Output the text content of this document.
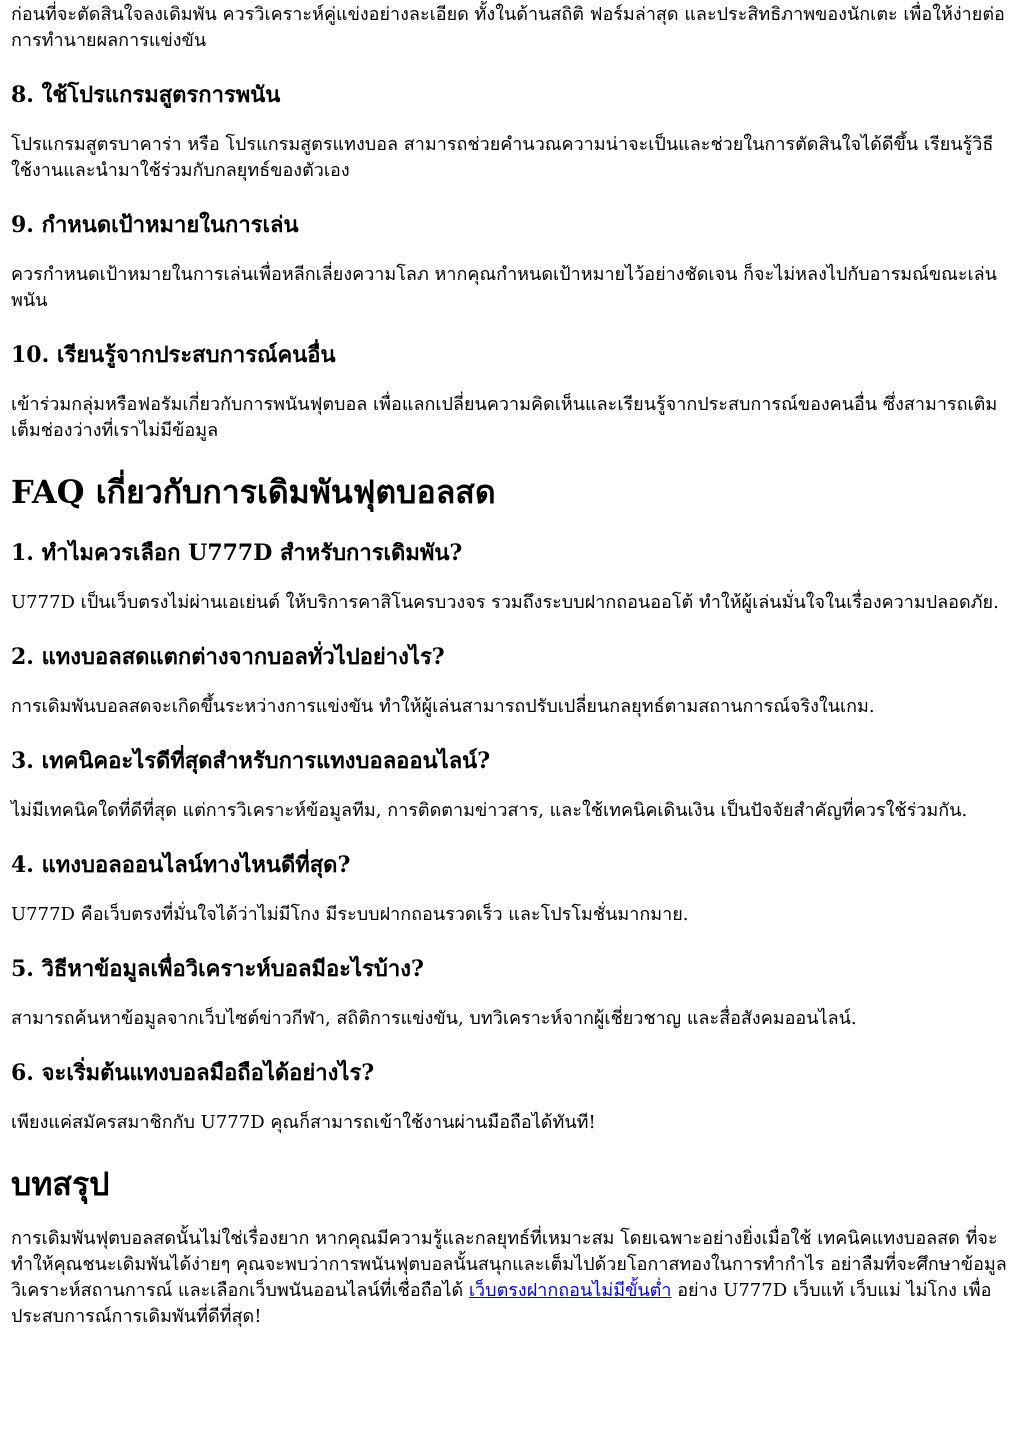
ก่อนที่จะตัดสินใจลงเดิมพัน ควรวิเคราะห์คู่แข่งอย่างละเอียด ทั้งในด้านสถิติ ฟอร์มล่าสุด และประสิทธิภาพของนักเตะ เพื่อให้ง่ายต่อการทำนายผลการแข่งขัน

8. ใช้โปรแกรมสูตรการพนัน

โปรแกรมสูตรบาคาร่า หรือ โปรแกรมสูตรแทงบอล สามารถช่วยคำนวณความน่าจะเป็นและช่วยในการตัดสินใจได้ดีขึ้น เรียนรู้วิธีใช้งานและนำมาใช้ร่วมกับกลยุทธ์ของตัวเอง

9. กำหนดเป้าหมายในการเล่น

ควรกำหนดเป้าหมายในการเล่นเพื่อหลีกเลี่ยงความโลภ หากคุณกำหนดเป้าหมายไว้อย่างชัดเจน ก็จะไม่หลงไปกับอารมณ์ขณะเล่นพนัน

10. เรียนรู้จากประสบการณ์คนอื่น

เข้าร่วมกลุ่มหรือฟอรัมเกี่ยวกับการพนันฟุตบอล เพื่อแลกเปลี่ยนความคิดเห็นและเรียนรู้จากประสบการณ์ของคนอื่น ซึ่งสามารถเติมเต็มช่องว่างที่เราไม่มีข้อมูล

FAQ เกี่ยวกับการเดิมพันฟุตบอลสด
1. ทำไมควรเลือก U777D สำหรับการเดิมพัน?

U777D เป็นเว็บตรงไม่ผ่านเอเย่นต์ ให้บริการคาสิโนครบวงจร รวมถึงระบบฝากถอนออโต้ ทำให้ผู้เล่นมั่นใจในเรื่องความปลอดภัย.

2. แทงบอลสดแตกต่างจากบอลทั่วไปอย่างไร?

การเดิมพันบอลสดจะเกิดขึ้นระหว่างการแข่งขัน ทำให้ผู้เล่นสามารถปรับเปลี่ยนกลยุทธ์ตามสถานการณ์จริงในเกม.

3. เทคนิคอะไรดีที่สุดสำหรับการแทงบอลออนไลน์?

ไม่มีเทคนิคใดที่ดีที่สุด แต่การวิเคราะห์ข้อมูลทีม, การติดตามข่าวสาร, และใช้เทคนิคเดินเงิน เป็นปัจจัยสำคัญที่ควรใช้ร่วมกัน.

4. แทงบอลออนไลน์ทางไหนดีที่สุด?

U777D คือเว็บตรงที่มั่นใจได้ว่าไม่มีโกง มีระบบฝากถอนรวดเร็ว และโปรโมชั่นมากมาย.

5. วิธีหาข้อมูลเพื่อวิเคราะห์บอลมีอะไรบ้าง?

สามารถค้นหาข้อมูลจากเว็บไซต์ข่าวกีฬา, สถิติการแข่งขัน, บทวิเคราะห์จากผู้เชี่ยวชาญ และสื่อสังคมออนไลน์.

6. จะเริ่มต้นแทงบอลมือถือได้อย่างไร?

เพียงแค่สมัครสมาชิกกับ U777D คุณก็สามารถเข้าใช้งานผ่านมือถือได้ทันที!

บทสรุป

การเดิมพันฟุตบอลสดนั้นไม่ใช่เรื่องยาก หากคุณมีความรู้และกลยุทธ์ที่เหมาะสม โดยเฉพาะอย่างยิ่งเมื่อใช้ เทคนิคแทงบอลสด ที่จะทำให้คุณชนะเดิมพันได้ง่ายๆ คุณจะพบว่าการพนันฟุตบอลนั้นสนุกและเต็มไปด้วยโอกาสทองในการทำกำไร อย่าลืมที่จะศึกษาข้อมูล วิเคราะห์สถานการณ์ และเลือกเว็บพนันออนไลน์ที่เชื่อถือได้ เว็บตรงฝากถอนไม่มีขั้นต่ำ อย่าง U777D เว็บแท้ เว็บแม่ ไม่โกง เพื่อประสบการณ์การเดิมพันที่ดีที่สุด!
